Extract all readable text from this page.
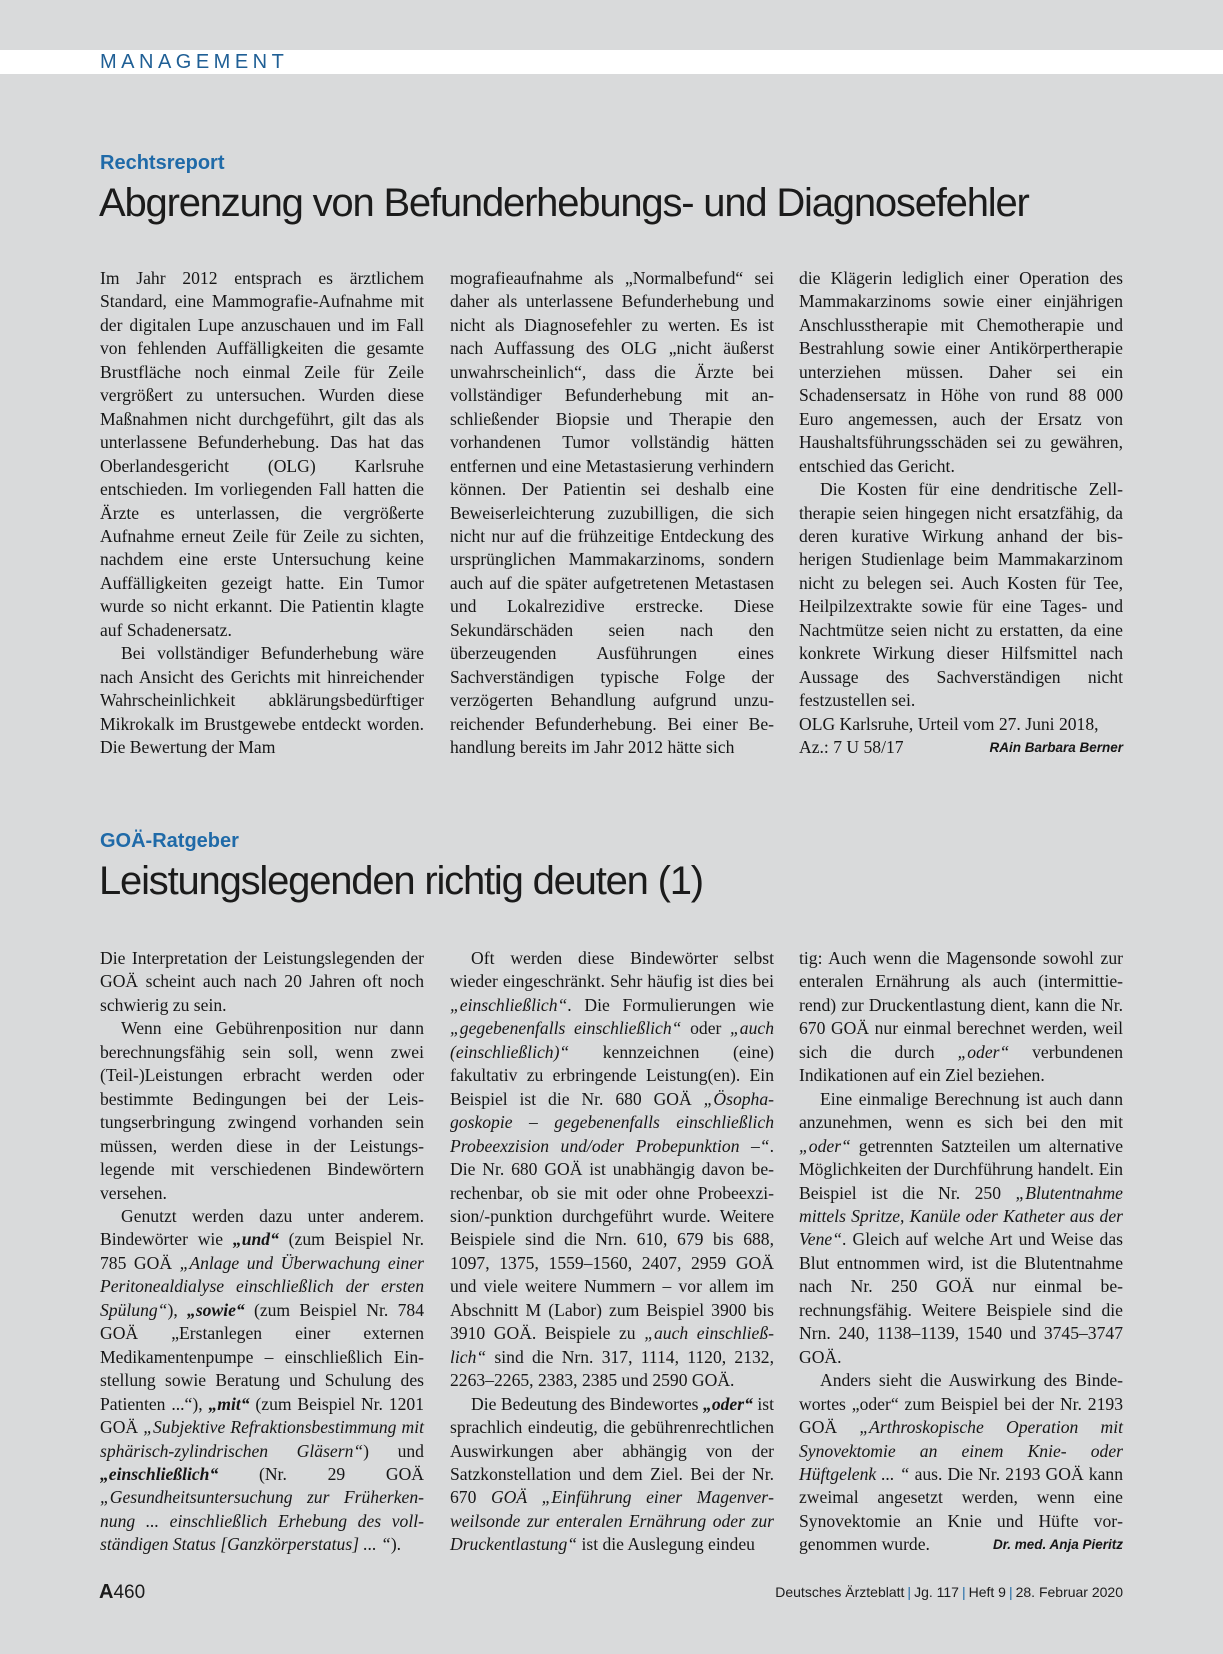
MANAGEMENT
Rechtsreport
Abgrenzung von Befunderhebungs- und Diagnosefehler

Im Jahr 2012 entsprach es ärztlichem Standard, eine Mammografie-Aufnahme mit der digitalen Lupe anzuschauen und im Fall von fehlenden Auffälligkeiten die gesamte Brustfläche noch einmal Zeile für Zeile vergrößert zu untersuchen. Wurden diese Maßnahmen nicht durchgeführt, gilt das als unterlassene Befunderhebung. Das hat das Oberlandesgericht (OLG) Karlsruhe entschieden. Im vorliegenden Fall hatten die Ärzte es unterlassen, die vergrößerte Aufnahme erneut Zeile für Zeile zu sichten, nachdem eine erste Untersuchung keine Auffälligkeiten gezeigt hatte. Ein Tumor wurde so nicht erkannt. Die Patientin klagte auf Schadenersatz.

Bei vollständiger Befunderhebung wäre nach Ansicht des Gerichts mit hinreichender Wahrscheinlichkeit abklärungsbedürftiger Mikrokalk im Brustgewebe entdeckt worden. Die Bewertung der Mam

mografieaufnahme als „Normalbefund“ sei daher als unterlassene Befunderhebung und nicht als Diagnosefehler zu werten. Es ist nach Auffassung des OLG „nicht äußerst unwahrscheinlich“, dass die Ärzte bei vollständiger Befunderhebung mit anschließender Biopsie und Therapie den vorhandenen Tumor vollständig hätten entfernen und eine Metastasierung verhindern können. Der Patientin sei deshalb eine Beweiserleichterung zuzubilligen, die sich nicht nur auf die frühzeitige Entdeckung des ursprünglichen Mammakarzinoms, sondern auch auf die später aufgetretenen Metastasen und Lokalrezidive erstrecke. Diese Sekundärschäden seien nach den überzeugenden Ausführungen eines Sachverständigen typische Folge der verzögerten Behandlung aufgrund unzureichender Befunderhebung. Bei einer Behandlung bereits im Jahr 2012 hätte sich

die Klägerin lediglich einer Operation des Mammakarzinoms sowie einer einjährigen Anschlusstherapie mit Chemotherapie und Bestrahlung sowie einer Antikörpertherapie unterziehen müssen. Daher sei ein Schadensersatz in Höhe von rund 88 000 Euro angemessen, auch der Ersatz von Haushaltsführungsschäden sei zu gewähren, entschied das Gericht.

Die Kosten für eine dendritische Zelltherapie seien hingegen nicht ersatzfähig, da deren kurative Wirkung anhand der bisherigen Studienlage beim Mammakarzinom nicht zu belegen sei. Auch Kosten für Tee, Heilpilzextrakte sowie für eine Tages- und Nachtmütze seien nicht zu erstatten, da eine konkrete Wirkung dieser Hilfsmittel nach Aussage des Sachverständigen nicht festzustellen sei.

OLG Karlsruhe, Urteil vom 27. Juni 2018,
Az.: 7 U 58/17	RAin Barbara Berner

GOÄ-Ratgeber
Leistungslegenden richtig deuten (1)

Die Interpretation der Leistungslegenden der GOÄ scheint auch nach 20 Jahren oft noch schwierig zu sein.

Wenn eine Gebührenposition nur dann berechnungsfähig sein soll, wenn zwei (Teil-)Leistungen erbracht werden oder bestimmte Bedingungen bei der Leistungserbringung zwingend vorhanden sein müssen, werden diese in der Leistungslegende mit verschiedenen Bindewörtern versehen.

Genutzt werden dazu unter anderem. Bindewörter wie „und“ (zum Beispiel Nr. 785 GOÄ „Anlage und Überwachung einer Peritonealdialyse einschließlich der ersten Spülung“), „sowie“ (zum Beispiel Nr. 784 GOÄ „Erstanlegen einer externen Medikamentenpumpe – einschließlich Einstellung sowie Beratung und Schulung des Patienten ...“), „mit“ (zum Beispiel Nr. 1201 GOÄ „Subjektive Refraktionsbestimmung mit sphärisch-zylindrischen Gläsern“) und „einschließlich“ (Nr. 29 GOÄ „Gesundheitsuntersuchung zur Früherkennung ... einschließlich Erhebung des vollständigen Status [Ganzkörperstatus] ... “).

Oft werden diese Bindewörter selbst wieder eingeschränkt. Sehr häufig ist dies bei „einschließlich“. Die Formulierungen wie „gegebenenfalls einschließlich“ oder „auch (einschließlich)“ kennzeichnen (eine) fakultativ zu erbringende Leistung(en). Ein Beispiel ist die Nr. 680 GOÄ „Ösophagoskopie – gegebenenfalls einschließlich Probeexzision und/oder Probepunktion –“. Die Nr. 680 GOÄ ist unabhängig davon berechenbar, ob sie mit oder ohne Probeexzision/-punktion durchgeführt wurde. Weitere Beispiele sind die Nrn. 610, 679 bis 688, 1097, 1375, 1559–1560, 2407, 2959 GOÄ und viele weitere Nummern – vor allem im Abschnitt M (Labor) zum Beispiel 3900 bis 3910 GOÄ. Beispiele zu „auch einschließlich“ sind die Nrn. 317, 1114, 1120, 2132, 2263–2265, 2383, 2385 und 2590 GOÄ.

Die Bedeutung des Bindewortes „oder“ ist sprachlich eindeutig, die gebührenrechtlichen Auswirkungen aber abhängig von der Satzkonstellation und dem Ziel. Bei der Nr. 670 GOÄ „Einführung einer Magenverweilsonde zur enteralen Ernährung oder zur Druckentlastung“ ist die Auslegung eindeu

tig: Auch wenn die Magensonde sowohl zur enteralen Ernährung als auch (intermittierend) zur Druckentlastung dient, kann die Nr. 670 GOÄ nur einmal berechnet werden, weil sich die durch „oder“ verbundenen Indikationen auf ein Ziel beziehen.

Eine einmalige Berechnung ist auch dann anzunehmen, wenn es sich bei den mit „oder“ getrennten Satzteilen um alternative Möglichkeiten der Durchführung handelt. Ein Beispiel ist die Nr. 250 „Blutentnahme mittels Spritze, Kanüle oder Katheter aus der Vene“. Gleich auf welche Art und Weise das Blut entnommen wird, ist die Blutentnahme nach Nr. 250 GOÄ nur einmal berechnungsfähig. Weitere Beispiele sind die Nrn. 240, 1138–1139, 1540 und 3745–3747 GOÄ.

Anders sieht die Auswirkung des Bindewortes „oder“ zum Beispiel bei der Nr. 2193 GOÄ „Arthroskopische Operation mit Synovektomie an einem Knie- oder Hüftgelenk ... “ aus. Die Nr. 2193 GOÄ kann zweimal angesetzt werden, wenn eine Synovektomie an Knie und Hüfte vorgenommen wurde.	Dr. med. Anja Pieritz

A460	Deutsches Ärzteblatt | Jg. 117 | Heft 9 | 28. Februar 2020
